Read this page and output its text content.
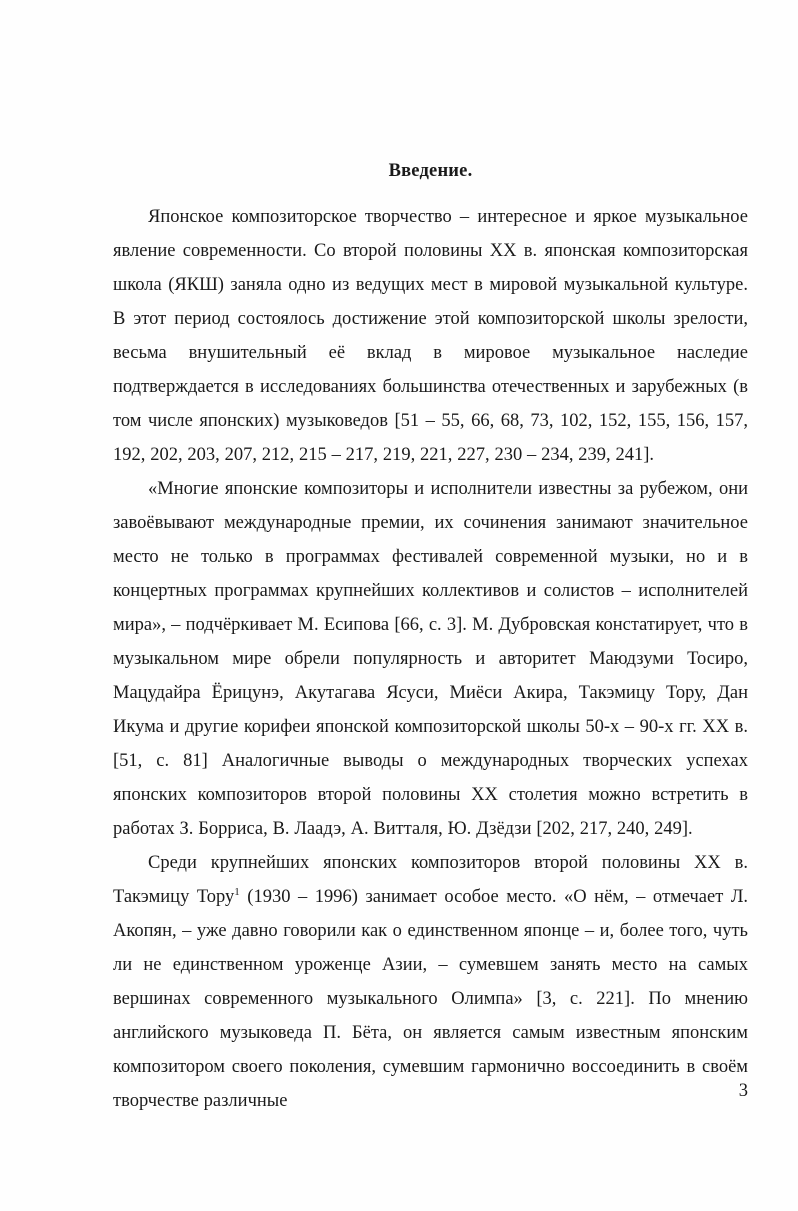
Введение.

Японское композиторское творчество – интересное и яркое музыкальное явление современности. Со второй половины XX в. японская композиторская школа (ЯКШ) заняла одно из ведущих мест в мировой музыкальной культуре. В этот период состоялось достижение этой композиторской школы зрелости, весьма внушительный её вклад в мировое музыкальное наследие подтверждается в исследованиях большинства отечественных и зарубежных (в том числе японских) музыковедов [51 – 55, 66, 68, 73, 102, 152, 155, 156, 157, 192, 202, 203, 207, 212, 215 – 217, 219, 221, 227, 230 – 234, 239, 241].

«Многие японские композиторы и исполнители известны за рубежом, они завоёвывают международные премии, их сочинения занимают значительное место не только в программах фестивалей современной музыки, но и в концертных программах крупнейших коллективов и солистов – исполнителей мира», – подчёркивает М. Есипова [66, с. 3]. М. Дубровская констатирует, что в музыкальном мире обрели популярность и авторитет Маюдзуми Тосиро, Мацудайра Ёрицунэ, Акутагава Ясуси, Миёси Акира, Такэмицу Тору, Дан Икума и другие корифеи японской композиторской школы 50-х – 90-х гг. XX в.[51, с. 81] Аналогичные выводы о международных творческих успехах японских композиторов второй половины XX столетия можно встретить в работах З. Борриса, В. Лаадэ, А. Витталя, Ю. Дзёдзи [202, 217, 240, 249].

Среди крупнейших японских композиторов второй половины XX в. Такэмицу Тору$^1$ (1930 – 1996) занимает особое место. «О нём, – отмечает Л. Акопян, – уже давно говорили как о единственном японце – и, более того, чуть ли не единственном уроженце Азии, – сумевшем занять место на самых вершинах современного музыкального Олимпа» [3, с. 221]. По мнению английского музыковеда П. Бёта, он является самым известным японским композитором своего поколения, сумевшим гармонично воссоединить в своём творчестве различные

3
